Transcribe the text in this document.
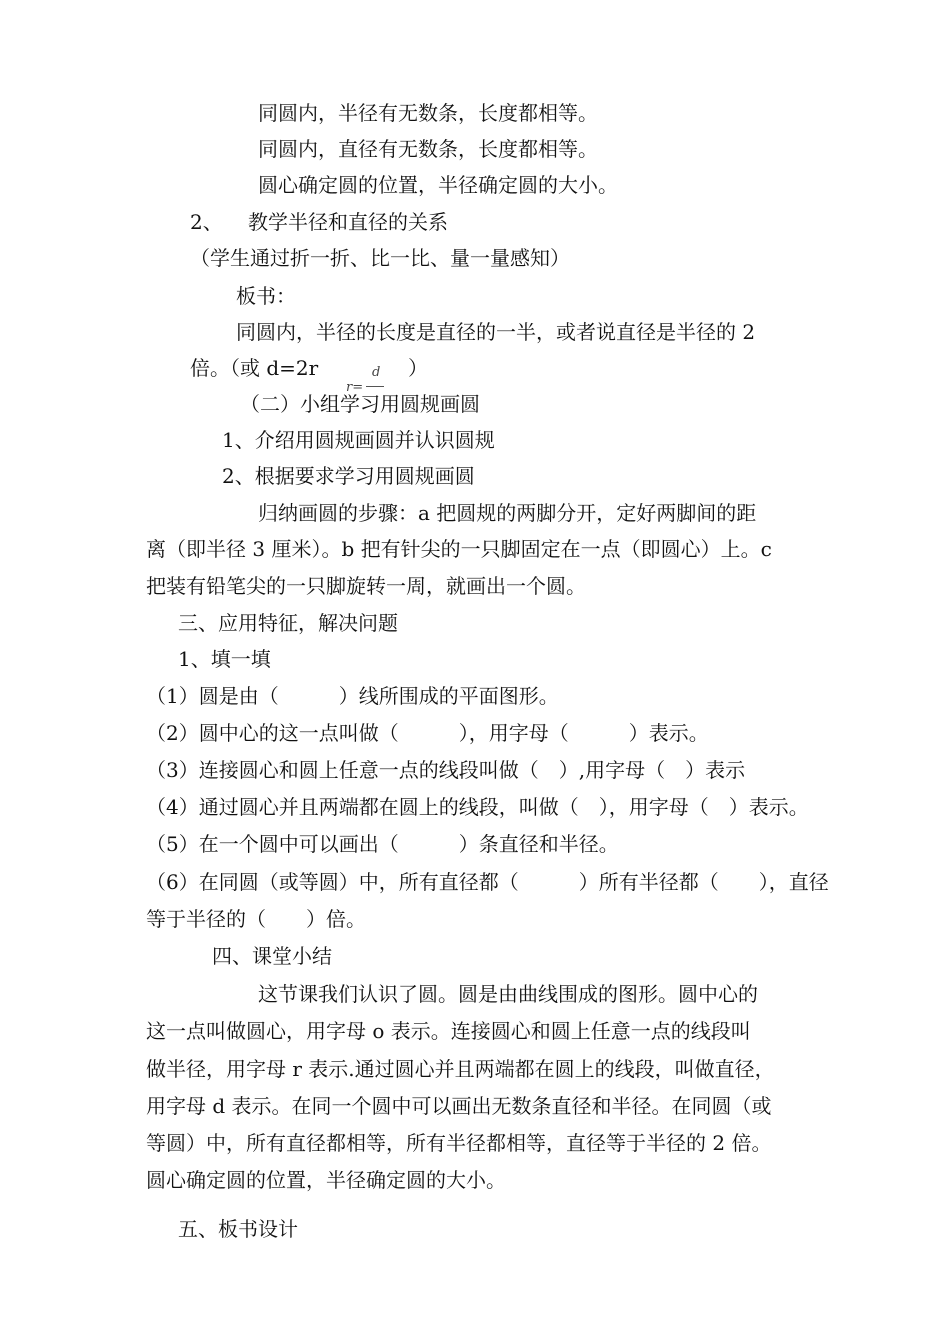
同圆内，半径有无数条，长度都相等。
同圆内，直径有无数条，长度都相等。
圆心确定圆的位置，半径确定圆的大小。
2、 教学半径和直径的关系
（学生通过折一折、比一比、量一量感知）
板书：
同圆内，半径的长度是直径的一半，或者说直径是半径的 2
倍。（或 d=2r	）
d
r=
（二）小组学习用圆规画圆
1、介绍用圆规画圆并认识圆规
2、根据要求学习用圆规画圆
归纳画圆的步骤：a 把圆规的两脚分开，定好两脚间的距
离（即半径 3 厘米）。b 把有针尖的一只脚固定在一点（即圆心）上。c
把装有铅笔尖的一只脚旋转一周，就画出一个圆。
三、应用特征，解决问题
1、填一填
（1）圆是由（　　　）线所围成的平面图形。
（2）圆中心的这一点叫做（　　　），用字母（　　　）表示。
（3）连接圆心和圆上任意一点的线段叫做（　）,用字母（　）表示
（4）通过圆心并且两端都在圆上的线段，叫做（　），用字母（　）表示。
（5）在一个圆中可以画出（　　　）条直径和半径。
（6）在同圆（或等圆）中，所有直径都（　　　）所有半径都（　　），直径
等于半径的（　　）倍。
四、课堂小结
这节课我们认识了圆。圆是由曲线围成的图形。圆中心的
这一点叫做圆心，用字母 o 表示。连接圆心和圆上任意一点的线段叫
做半径，用字母 r 表示.通过圆心并且两端都在圆上的线段，叫做直径，
用字母 d 表示。在同一个圆中可以画出无数条直径和半径。在同圆（或
等圆）中，所有直径都相等，所有半径都相等，直径等于半径的 2 倍。
圆心确定圆的位置，半径确定圆的大小。
五、板书设计
